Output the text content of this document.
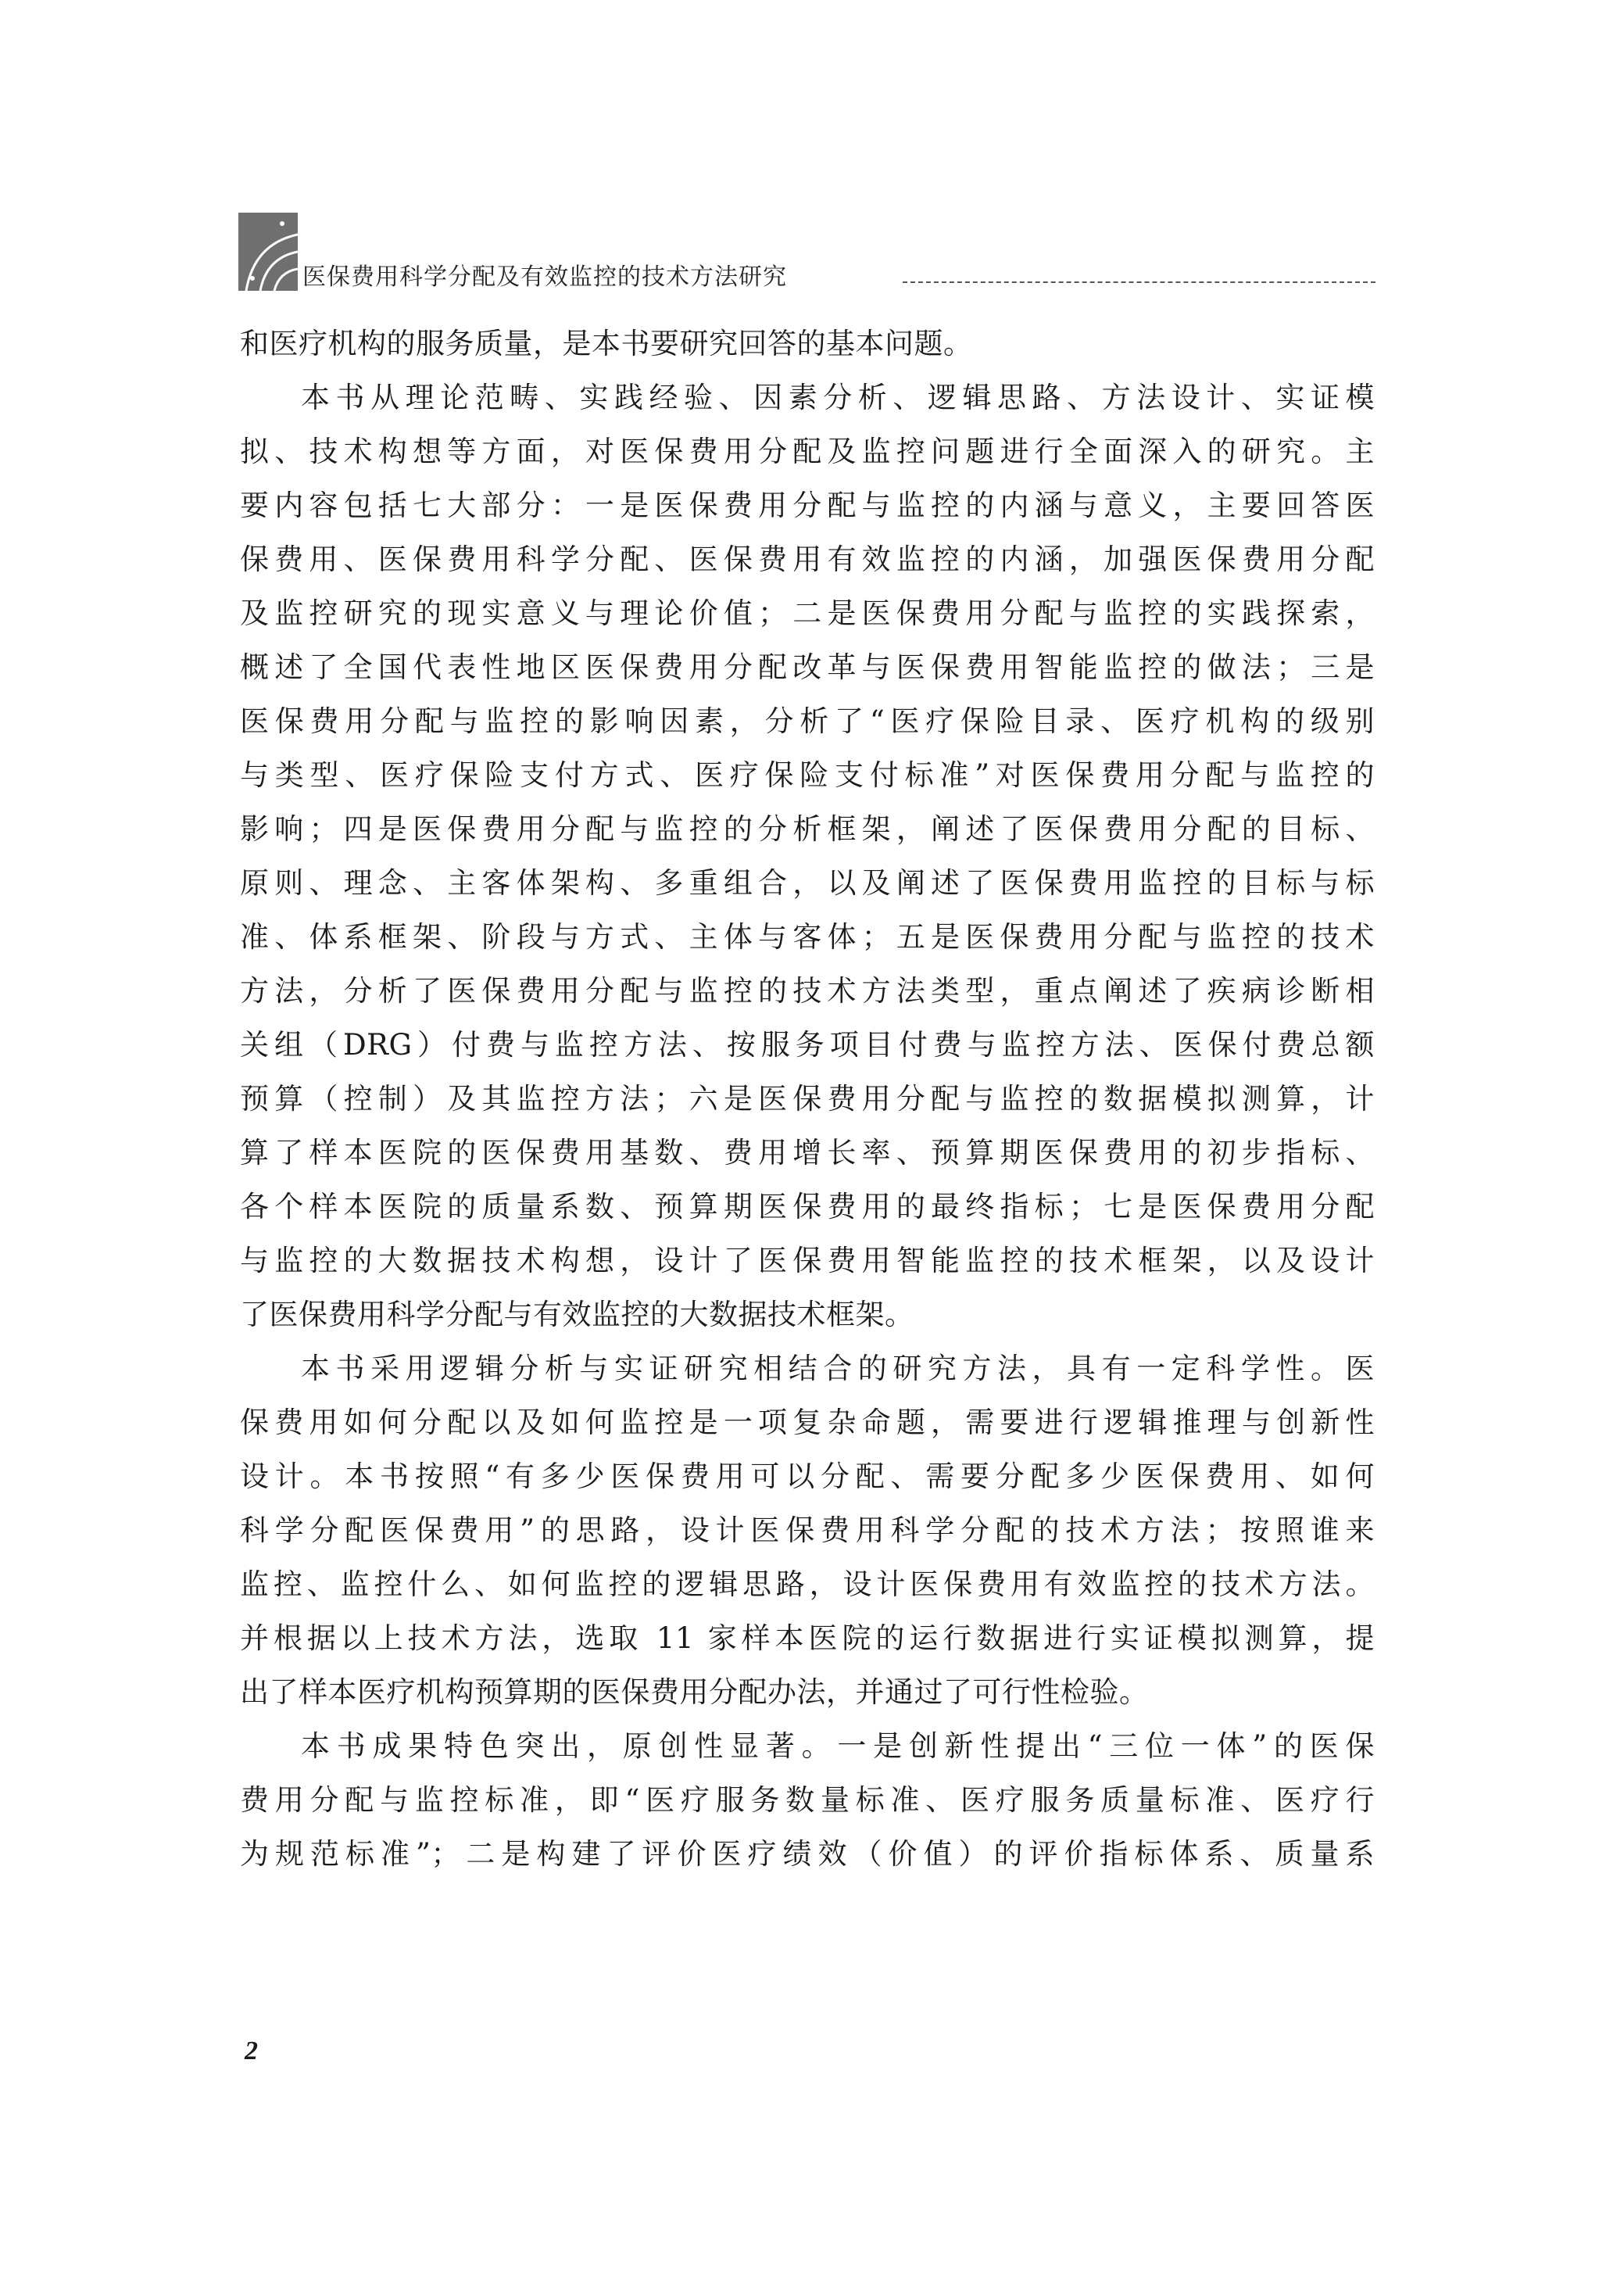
医保费用科学分配及有效监控的技术方法研究
和医疗机构的服务质量，是本书要研究回答的基本问题。
本书从理论范畴、实践经验、因素分析、逻辑思路、方法设计、实证模
拟、技术构想等方面，对医保费用分配及监控问题进行全面深入的研究。主
要内容包括七大部分：一是医保费用分配与监控的内涵与意义，主要回答医
保费用、医保费用科学分配、医保费用有效监控的内涵，加强医保费用分配
及监控研究的现实意义与理论价值；二是医保费用分配与监控的实践探索，
概述了全国代表性地区医保费用分配改革与医保费用智能监控的做法；三是
医保费用分配与监控的影响因素，分析了“医疗保险目录、医疗机构的级别
与类型、医疗保险支付方式、医疗保险支付标准”对医保费用分配与监控的
影响；四是医保费用分配与监控的分析框架，阐述了医保费用分配的目标、
原则、理念、主客体架构、多重组合，以及阐述了医保费用监控的目标与标
准、体系框架、阶段与方式、主体与客体；五是医保费用分配与监控的技术
方法，分析了医保费用分配与监控的技术方法类型，重点阐述了疾病诊断相
关组（DRG）付费与监控方法、按服务项目付费与监控方法、医保付费总额
预算（控制）及其监控方法；六是医保费用分配与监控的数据模拟测算，计
算了样本医院的医保费用基数、费用增长率、预算期医保费用的初步指标、
各个样本医院的质量系数、预算期医保费用的最终指标；七是医保费用分配
与监控的大数据技术构想，设计了医保费用智能监控的技术框架，以及设计
了医保费用科学分配与有效监控的大数据技术框架。
本书采用逻辑分析与实证研究相结合的研究方法，具有一定科学性。医
保费用如何分配以及如何监控是一项复杂命题，需要进行逻辑推理与创新性
设计。本书按照“有多少医保费用可以分配、需要分配多少医保费用、如何
科学分配医保费用”的思路，设计医保费用科学分配的技术方法；按照谁来
监控、监控什么、如何监控的逻辑思路，设计医保费用有效监控的技术方法。
并根据以上技术方法，选取 11 家样本医院的运行数据进行实证模拟测算，提
出了样本医疗机构预算期的医保费用分配办法，并通过了可行性检验。
本书成果特色突出，原创性显著。一是创新性提出“三位一体”的医保
费用分配与监控标准，即“医疗服务数量标准、医疗服务质量标准、医疗行
为规范标准”；二是构建了评价医疗绩效（价值）的评价指标体系、质量系
2
